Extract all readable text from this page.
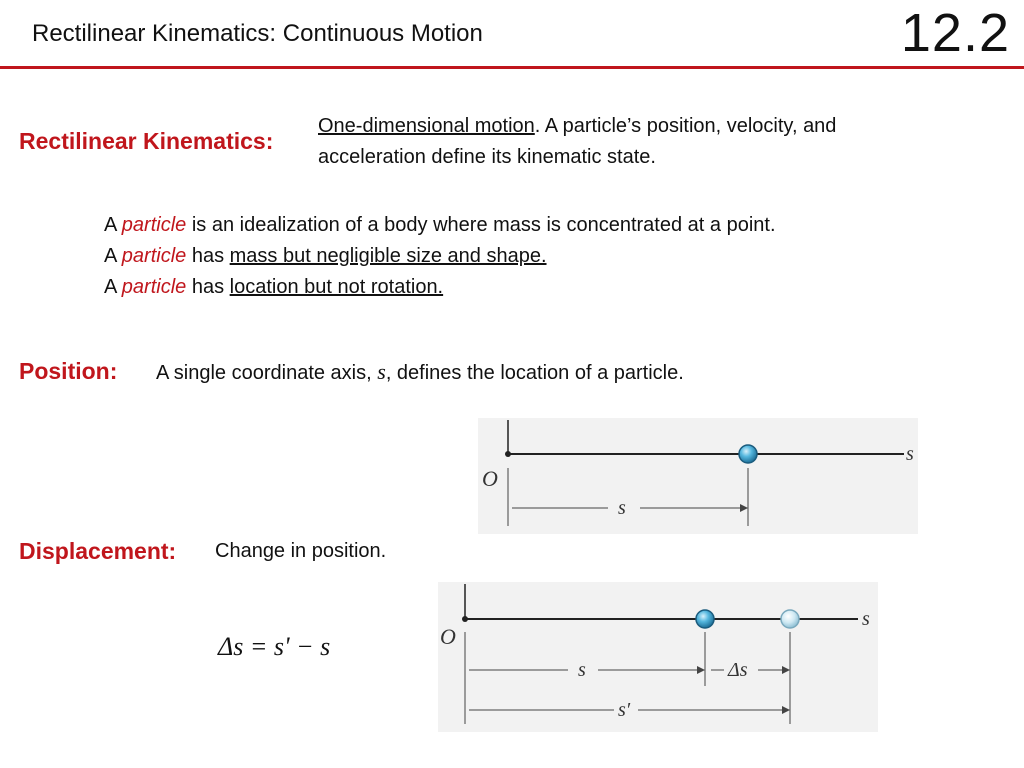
Rectilinear Kinematics: Continuous Motion	12.2
Rectilinear Kinematics:
One-dimensional motion. A particle’s position, velocity, and
acceleration define its kinematic state.
A particle is an idealization of a body where mass is concentrated at a point.
A particle has mass but negligible size and shape.
A particle has location but not rotation.
Position: A single coordinate axis, s, defines the location of a particle.
s
O
s
Displacement: Change in position.
Δs = s' − s
s
O
s	Δs
s′
